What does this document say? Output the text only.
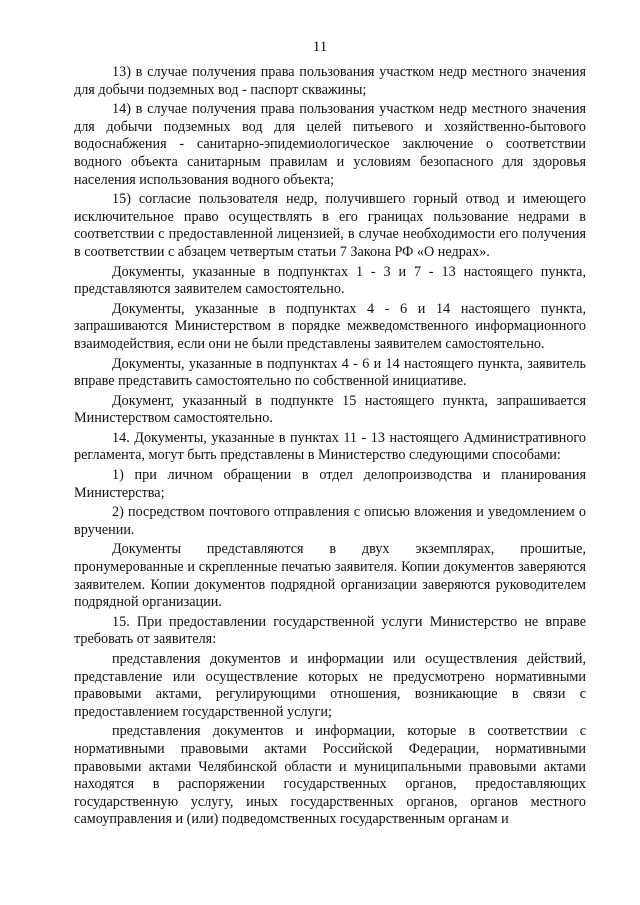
11

13) в случае получения права пользования участком недр местного значения для добычи подземных вод - паспорт скважины;

14) в случае получения права пользования участком недр местного значения для добычи подземных вод для целей питьевого и хозяйственно-бытового водоснабжения - санитарно-эпидемиологическое заключение о соответствии водного объекта санитарным правилам и условиям безопасного для здоровья населения использования водного объекта;

15) согласие пользователя недр, получившего горный отвод и имеющего исключительное право осуществлять в его границах пользование недрами в соответствии с предоставленной лицензией, в случае необходимости его получения в соответствии с абзацем четвертым статьи 7 Закона РФ «О недрах».

Документы, указанные в подпунктах 1 - 3 и 7 - 13 настоящего пункта, представляются заявителем самостоятельно.

Документы, указанные в подпунктах 4 - 6 и 14 настоящего пункта, запрашиваются Министерством в порядке межведомственного информационного взаимодействия, если они не были представлены заявителем самостоятельно.

Документы, указанные в подпунктах 4 - 6 и 14 настоящего пункта, заявитель вправе представить самостоятельно по собственной инициативе.

Документ, указанный в подпункте 15 настоящего пункта, запрашивается Министерством самостоятельно.

14. Документы, указанные в пунктах 11 - 13 настоящего Административного регламента, могут быть представлены в Министерство следующими способами:

1) при личном обращении в отдел делопроизводства и планирования Министерства;

2) посредством почтового отправления с описью вложения и уведомлением о вручении.

Документы представляются в двух экземплярах, прошитые, пронумерованные и скрепленные печатью заявителя. Копии документов заверяются заявителем. Копии документов подрядной организации заверяются руководителем подрядной организации.

15. При предоставлении государственной услуги Министерство не вправе требовать от заявителя:

представления документов и информации или осуществления действий, представление или осуществление которых не предусмотрено нормативными правовыми актами, регулирующими отношения, возникающие в связи с предоставлением государственной услуги;

представления документов и информации, которые в соответствии с нормативными правовыми актами Российской Федерации, нормативными правовыми актами Челябинской области и муниципальными правовыми актами находятся в распоряжении государственных органов, предоставляющих государственную услугу, иных государственных органов, органов местного самоуправления и (или) подведомственных государственным органам и
